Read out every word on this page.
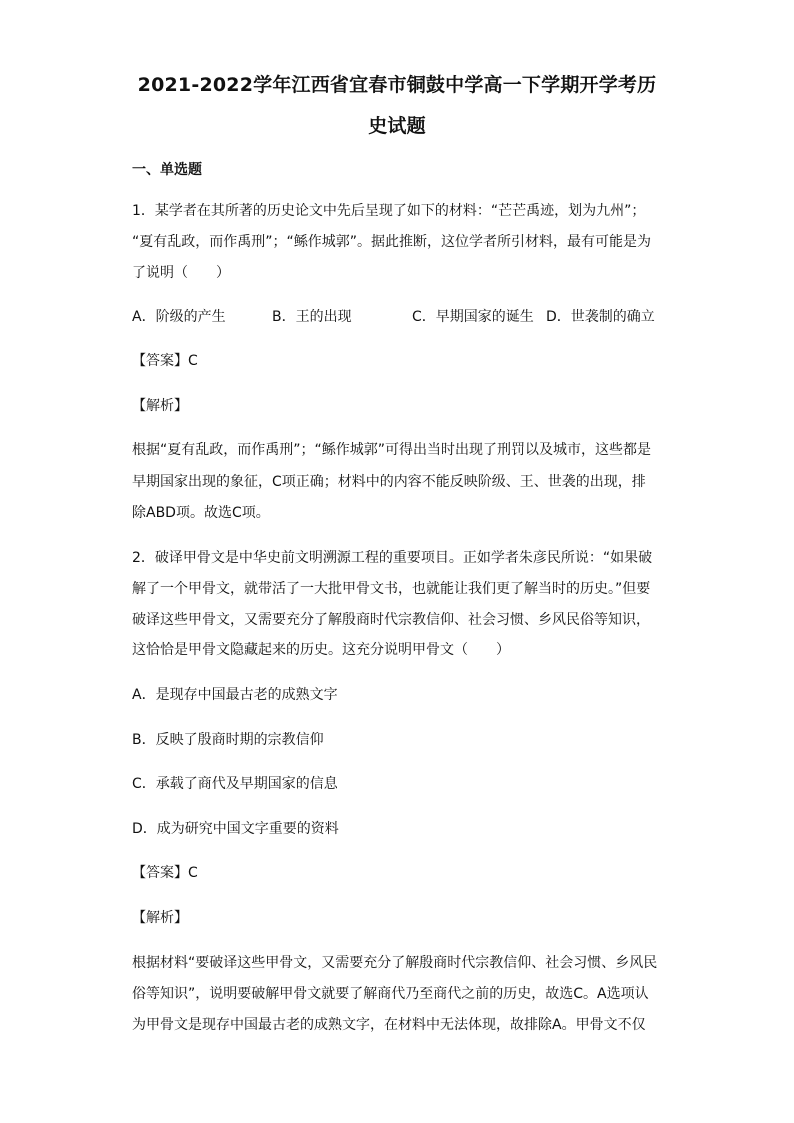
2021-2022学年江西省宜春市铜鼓中学高一下学期开学考历
史试题
一、单选题
1．某学者在其所著的历史论文中先后呈现了如下的材料：“芒芒禹迹，划为九州”；
“夏有乱政，而作禹刑”；“鲧作城郭”。据此推断，这位学者所引材料，最有可能是为
了说明（　　）
A．阶级的产生	B．王的出现	C．早期国家的诞生 D．世袭制的确立
【答案】C
【解析】
根据“夏有乱政，而作禹刑”；“鲧作城郭”可得出当时出现了刑罚以及城市，这些都是
早期国家出现的象征，C项正确；材料中的内容不能反映阶级、王、世袭的出现，排
除ABD项。故选C项。
2．破译甲骨文是中华史前文明溯源工程的重要项目。正如学者朱彦民所说：“如果破
解了一个甲骨文，就带活了一大批甲骨文书，也就能让我们更了解当时的历史。”但要
破译这些甲骨文，又需要充分了解殷商时代宗教信仰、社会习惯、乡风民俗等知识，
这恰恰是甲骨文隐藏起来的历史。这充分说明甲骨文（　　）
A．是现存中国最古老的成熟文字
B．反映了殷商时期的宗教信仰
C．承载了商代及早期国家的信息
D．成为研究中国文字重要的资料
【答案】C
【解析】
根据材料“要破译这些甲骨文，又需要充分了解殷商时代宗教信仰、社会习惯、乡风民
俗等知识”，说明要破解甲骨文就要了解商代乃至商代之前的历史，故选C。A选项认
为甲骨文是现存中国最古老的成熟文字，在材料中无法体现，故排除A。甲骨文不仅
